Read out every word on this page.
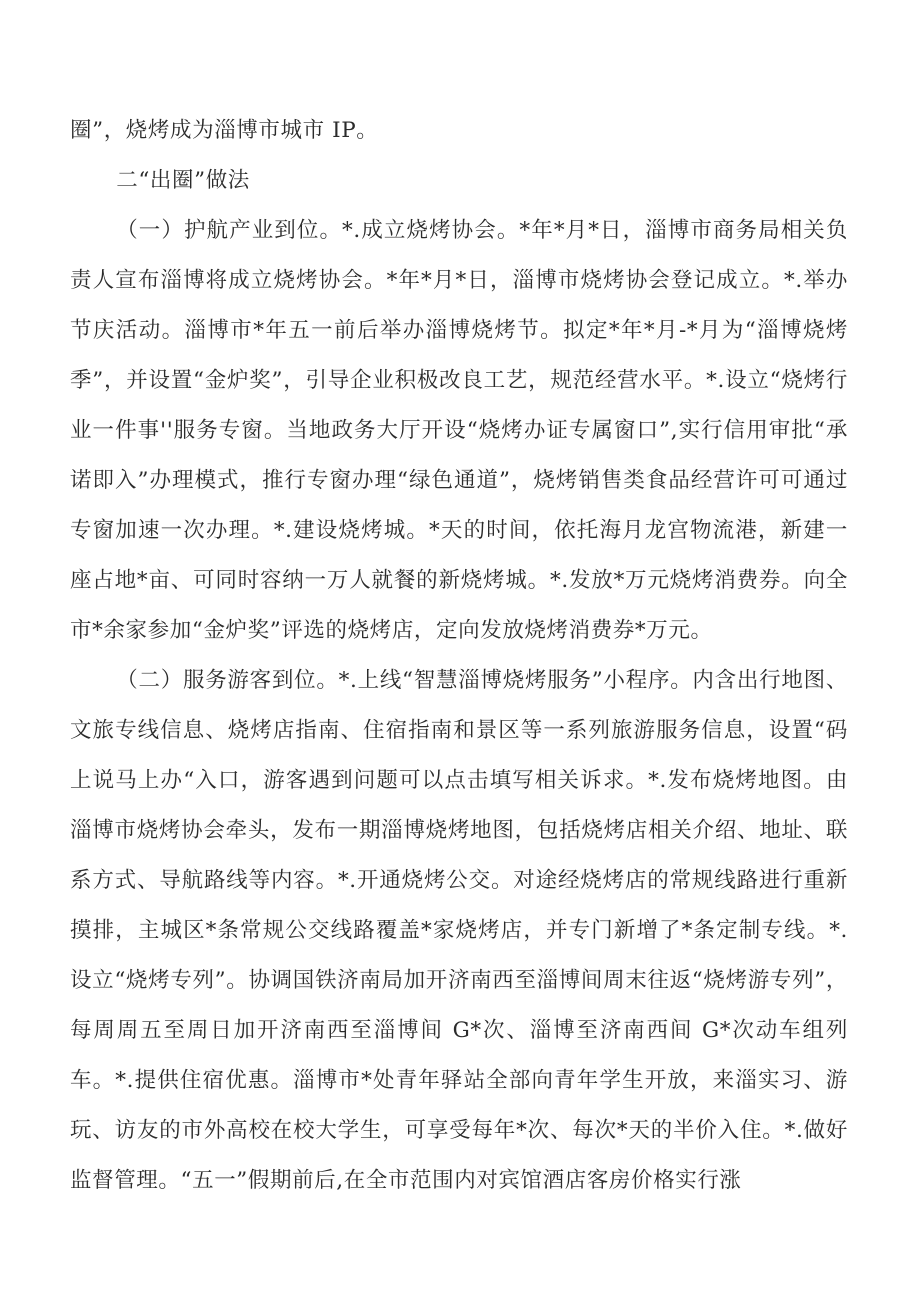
圈”，烧烤成为淄博市城市 IP。

二“出圈”做法

（一）护航产业到位。*.成立烧烤协会。*年*月*日，淄博市商务局相关负责人宣布淄博将成立烧烤协会。*年*月*日，淄博市烧烤协会登记成立。*.举办节庆活动。淄博市*年五一前后举办淄博烧烤节。拟定*年*月-*月为“淄博烧烤季”，并设置“金炉奖”，引导企业积极改良工艺，规范经营水平。*.设立“烧烤行业一件事''服务专窗。当地政务大厅开设“烧烤办证专属窗口”,实行信用审批“承诺即入”办理模式，推行专窗办理“绿色通道”，烧烤销售类食品经营许可可通过专窗加速一次办理。*.建设烧烤城。*天的时间，依托海月龙宫物流港，新建一座占地*亩、可同时容纳一万人就餐的新烧烤城。*.发放*万元烧烤消费券。向全市*余家参加“金炉奖”评选的烧烤店，定向发放烧烤消费券*万元。

（二）服务游客到位。*.上线“智慧淄博烧烤服务”小程序。内含出行地图、文旅专线信息、烧烤店指南、住宿指南和景区等一系列旅游服务信息，设置“码上说马上办“入口，游客遇到问题可以点击填写相关诉求。*.发布烧烤地图。由淄博市烧烤协会牵头，发布一期淄博烧烤地图，包括烧烤店相关介绍、地址、联系方式、导航路线等内容。*.开通烧烤公交。对途经烧烤店的常规线路进行重新摸排，主城区*条常规公交线路覆盖*家烧烤店，并专门新增了*条定制专线。*.设立“烧烤专列”。协调国铁济南局加开济南西至淄博间周末往返“烧烤游专列”，每周周五至周日加开济南西至淄博间 G*次、淄博至济南西间 G*次动车组列车。*.提供住宿优惠。淄博市*处青年驿站全部向青年学生开放，来淄实习、游玩、访友的市外高校在校大学生，可享受每年*次、每次*天的半价入住。*.做好监督管理。“五一”假期前后,在全市范围内对宾馆酒店客房价格实行涨
